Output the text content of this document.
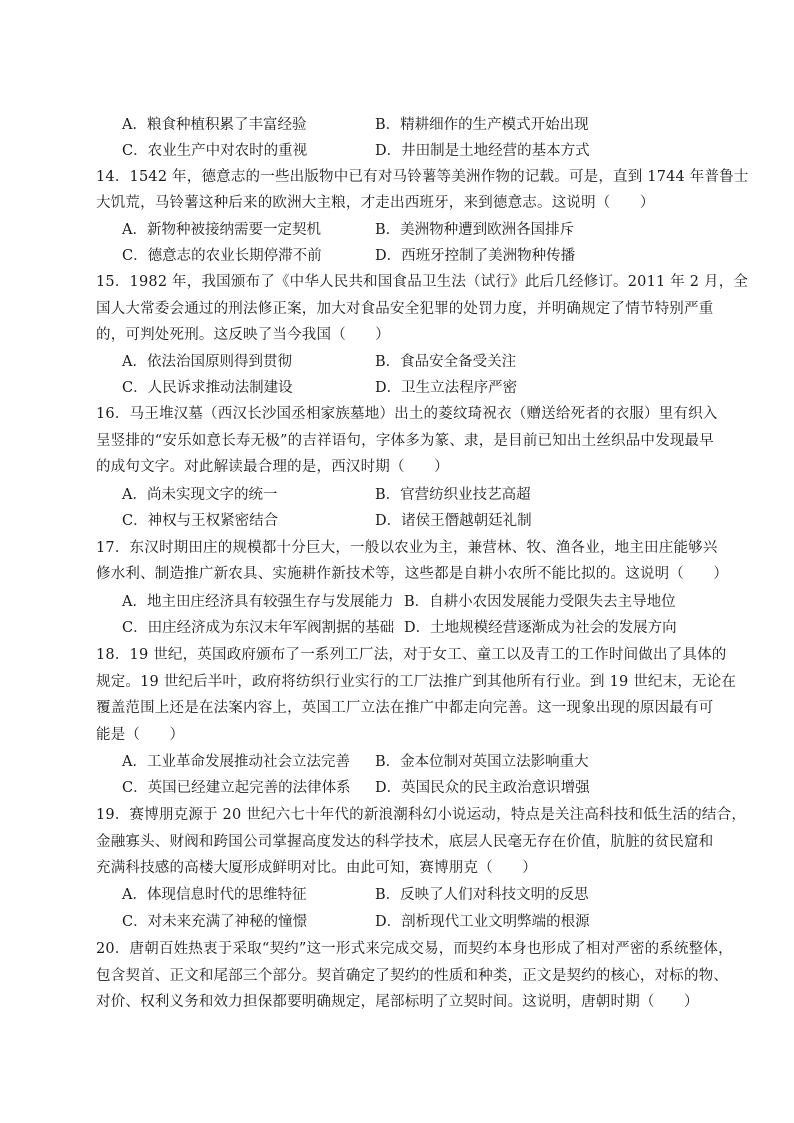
A．粮食种植积累了丰富经验	B．精耕细作的生产模式开始出现
C．农业生产中对农时的重视	D．井田制是土地经营的基本方式
14．1542 年，德意志的一些出版物中已有对马铃薯等美洲作物的记载。可是，直到 1744 年普鲁士
大饥荒，马铃薯这种后来的欧洲大主粮，才走出西班牙，来到德意志。这说明（　　）
A．新物种被接纳需要一定契机	B．美洲物种遭到欧洲各国排斥
C．德意志的农业长期停滞不前	D．西班牙控制了美洲物种传播
15．1982 年，我国颁布了《中华人民共和国食品卫生法（试行》此后几经修订。2011 年 2 月，全
国人大常委会通过的刑法修正案，加大对食品安全犯罪的处罚力度，并明确规定了情节特别严重
的，可判处死刑。这反映了当今我国（　　）
A．依法治国原则得到贯彻	B．食品安全备受关注
C．人民诉求推动法制建设	D．卫生立法程序严密
16．马王堆汉墓（西汉长沙国丞相家族墓地）出土的菱纹琦祝衣（赠送给死者的衣服）里有织入
呈竖排的“安乐如意长寿无极”的吉祥语句，字体多为篆、隶，是目前已知出土丝织品中发现最早
的成句文字。对此解读最合理的是，西汉时期（　　）
A．尚未实现文字的统一	B．官营纺织业技艺高超
C．神权与王权紧密结合	D．诸侯王僭越朝廷礼制
17．东汉时期田庄的规模都十分巨大，一般以农业为主，兼营林、牧、渔各业，地主田庄能够兴
修水利、制造推广新农具、实施耕作新技术等，这些都是自耕小农所不能比拟的。这说明（　　）
A．地主田庄经济具有较强生存与发展能力 B．自耕小农因发展能力受限失去主导地位
C．田庄经济成为东汉末年军阀割据的基础 D．土地规模经营逐渐成为社会的发展方向
18．19 世纪，英国政府颁布了一系列工厂法，对于女工、童工以及青工的工作时间做出了具体的
规定。19 世纪后半叶，政府将纺织行业实行的工厂法推广到其他所有行业。到 19 世纪末，无论在
覆盖范围上还是在法案内容上，英国工厂立法在推广中都走向完善。这一现象出现的原因最有可
能是（　　）
A．工业革命发展推动社会立法完善 B．金本位制对英国立法影响重大
C．英国已经建立起完善的法律体系 D．英国民众的民主政治意识增强
19．赛博朋克源于 20 世纪六七十年代的新浪潮科幻小说运动，特点是关注高科技和低生活的结合，
金融寡头、财阀和跨国公司掌握高度发达的科学技术，底层人民毫无存在价值，肮脏的贫民窟和
充满科技感的高楼大厦形成鲜明对比。由此可知，赛博朋克（　　）
A．体现信息时代的思维特征	B．反映了人们对科技文明的反思
C．对未来充满了神秘的憧憬	D．剖析现代工业文明弊端的根源
20．唐朝百姓热衷于采取“契约”这一形式来完成交易，而契约本身也形成了相对严密的系统整体，
包含契首、正文和尾部三个部分。契首确定了契约的性质和种类，正文是契约的核心，对标的物、
对价、权利义务和效力担保都要明确规定，尾部标明了立契时间。这说明，唐朝时期（　　）
